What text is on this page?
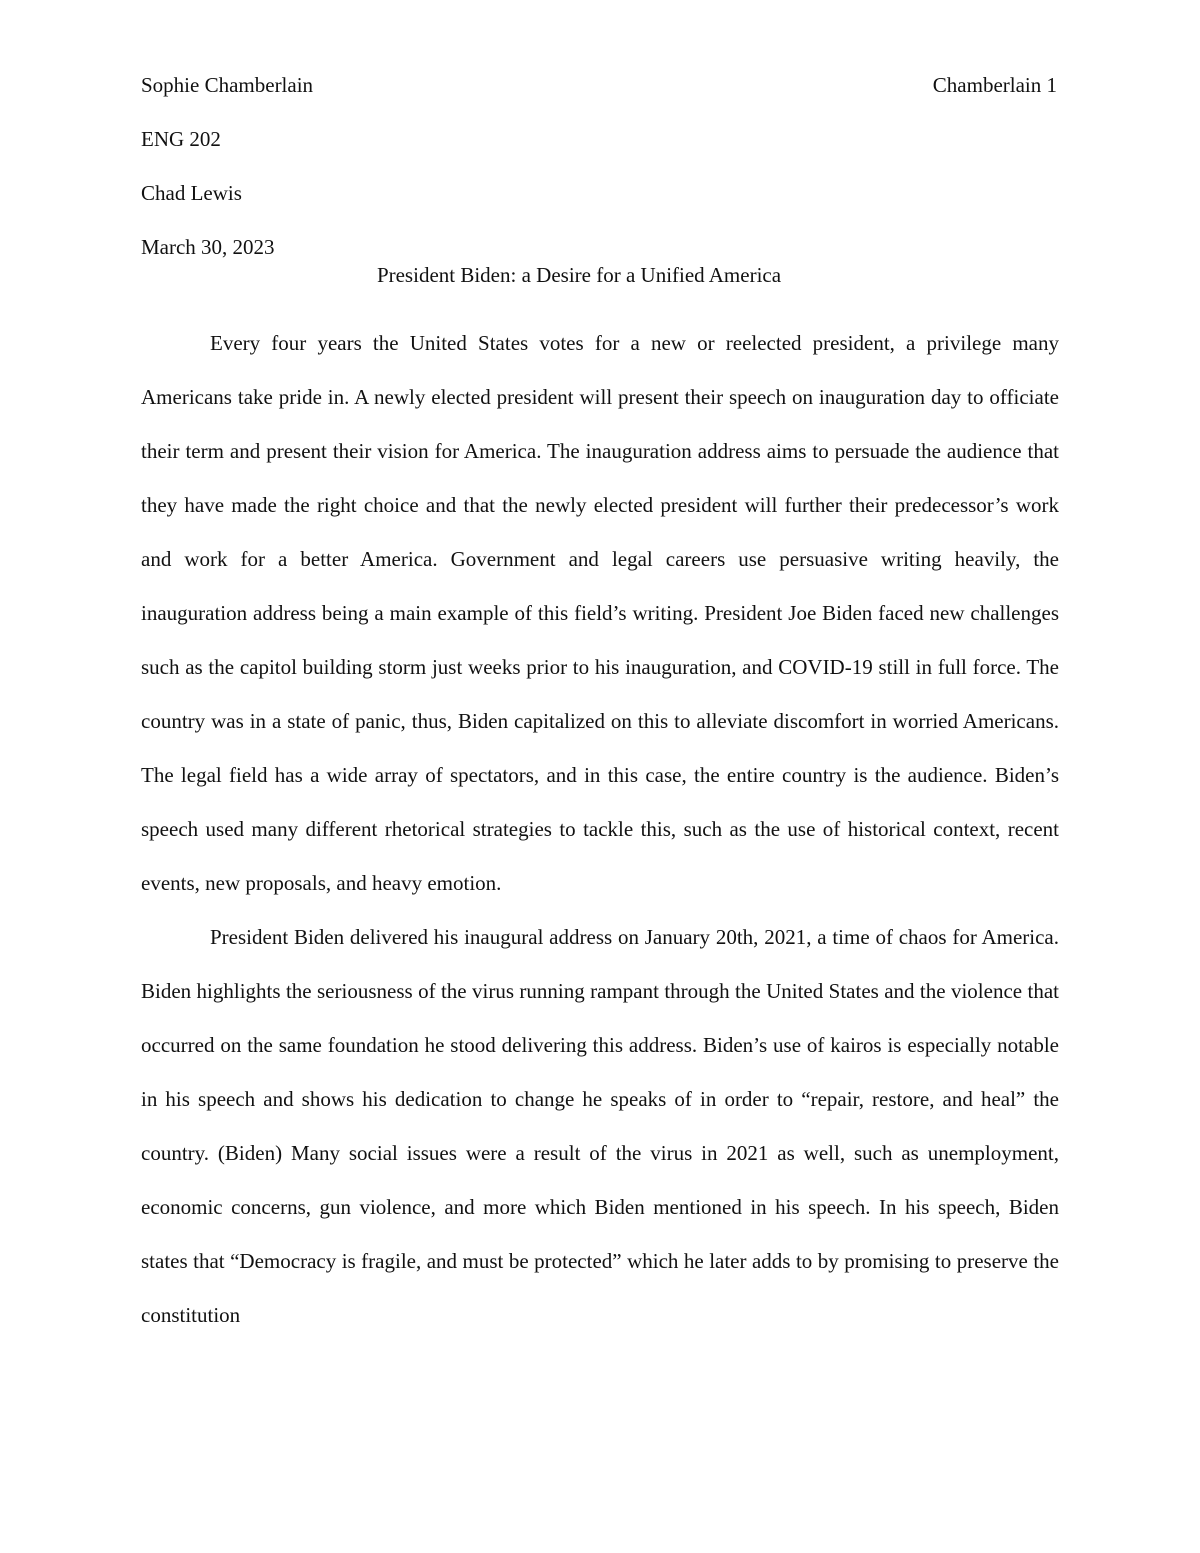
Chamberlain 1
Sophie Chamberlain
ENG 202
Chad Lewis
March 30, 2023
President Biden: a Desire for a Unified America

Every four years the United States votes for a new or reelected president, a privilege many Americans take pride in. A newly elected president will present their speech on inauguration day to officiate their term and present their vision for America. The inauguration address aims to persuade the audience that they have made the right choice and that the newly elected president will further their predecessor’s work and work for a better America. Government and legal careers use persuasive writing heavily, the inauguration address being a main example of this field’s writing. President Joe Biden faced new challenges such as the capitol building storm just weeks prior to his inauguration, and COVID-19 still in full force. The country was in a state of panic, thus, Biden capitalized on this to alleviate discomfort in worried Americans. The legal field has a wide array of spectators, and in this case, the entire country is the audience. Biden’s speech used many different rhetorical strategies to tackle this, such as the use of historical context, recent events, new proposals, and heavy emotion.

President Biden delivered his inaugural address on January 20th, 2021, a time of chaos for America. Biden highlights the seriousness of the virus running rampant through the United States and the violence that occurred on the same foundation he stood delivering this address. Biden’s use of kairos is especially notable in his speech and shows his dedication to change he speaks of in order to “repair, restore, and heal” the country. (Biden) Many social issues were a result of the virus in 2021 as well, such as unemployment, economic concerns, gun violence, and more which Biden mentioned in his speech. In his speech, Biden states that “Democracy is fragile, and must be protected” which he later adds to by promising to preserve the constitution
